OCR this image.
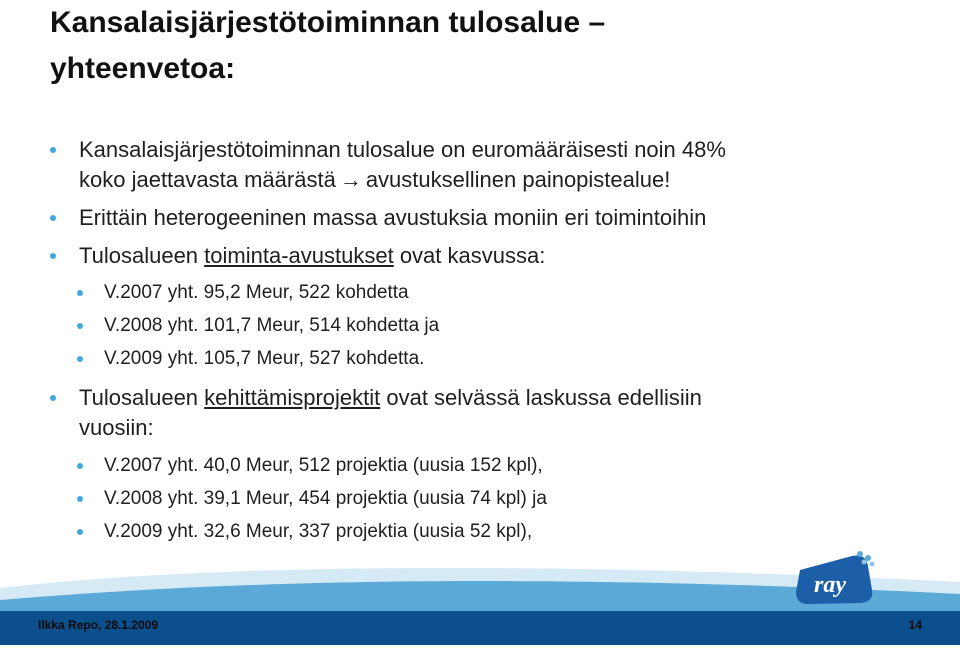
Kansalaisjärjestötoiminnan tulosalue –
yhteenvetoa:
Kansalaisjärjestötoiminnan tulosalue on euromääräisesti noin 48%
koko jaettavasta määrästä → avustuksellinen painopistealue!
Erittäin heterogeeninen massa avustuksia moniin eri toimintoihin
Tulosalueen toiminta-avustukset ovat kasvussa:
V.2007 yht. 95,2 Meur, 522 kohdetta
V.2008 yht. 101,7 Meur, 514 kohdetta ja
V.2009 yht. 105,7 Meur, 527 kohdetta.
Tulosalueen kehittämisprojektit ovat selvässä laskussa edellisiin
vuosiin:
V.2007 yht. 40,0 Meur, 512 projektia (uusia 152 kpl),
V.2008 yht. 39,1 Meur, 454 projektia (uusia 74 kpl) ja
V.2009 yht. 32,6 Meur, 337 projektia (uusia 52 kpl),
Ilkka Repo, 28.1.2009	14
ray
